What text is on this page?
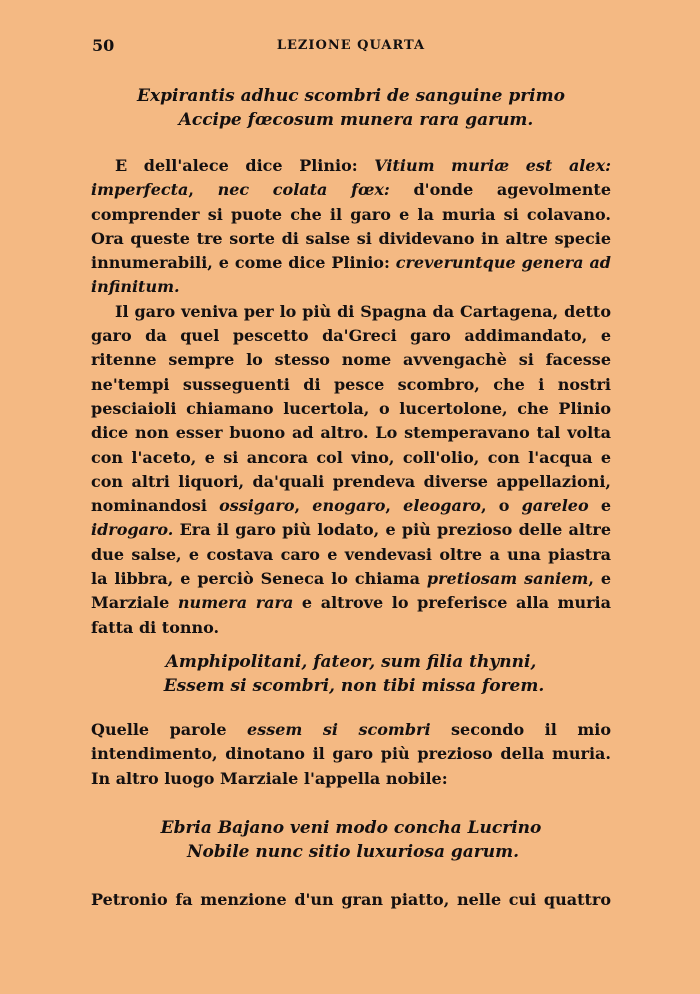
50	LEZIONE QUARTA
Expirantis adhuc scombri de sanguine primo
Accipe fœcosum munera rara garum.

E dell'alece dice Plinio: Vitium muriæ est alex: imperfecta, nec colata fœx: d'onde agevolmente comprender si puote che il garo e la muria si colavano. Ora queste tre sorte di salse si dividevano in altre specie innumerabili, e come dice Plinio: creveruntque genera ad infinitum.

Il garo veniva per lo più di Spagna da Cartagena, detto garo da quel pescetto da'Greci garo addimandato, e ritenne sempre lo stesso nome avvengachè si facesse ne'tempi susseguenti di pesce scombro, che i nostri pesciaioli chiamano lucertola, o lucertolone, che Plinio dice non esser buono ad altro. Lo stemperavano tal volta con l'aceto, e si ancora col vino, coll'olio, con l'acqua e con altri liquori, da'quali prendeva diverse appellazioni, nominandosi ossigaro, enogaro, eleogaro, o gareleo e idrogaro. Era il garo più lodato, e più prezioso delle altre due salse, e costava caro e vendevasi oltre a una piastra la libbra, e perciò Seneca lo chiama pretiosam saniem, e Marziale numera rara e altrove lo preferisce alla muria fatta di tonno.

Amphipolitani, fateor, sum filia thynni,
Essem si scombri, non tibi missa forem.

Quelle parole essem si scombri secondo il mio intendimento, dinotano il garo più prezioso della muria. In altro luogo Marziale l'appella nobile:

Ebria Bajano veni modo concha Lucrino
Nobile nunc sitio luxuriosa garum.
Petronio fa menzione d'un gran piatto, nelle cui quattro
